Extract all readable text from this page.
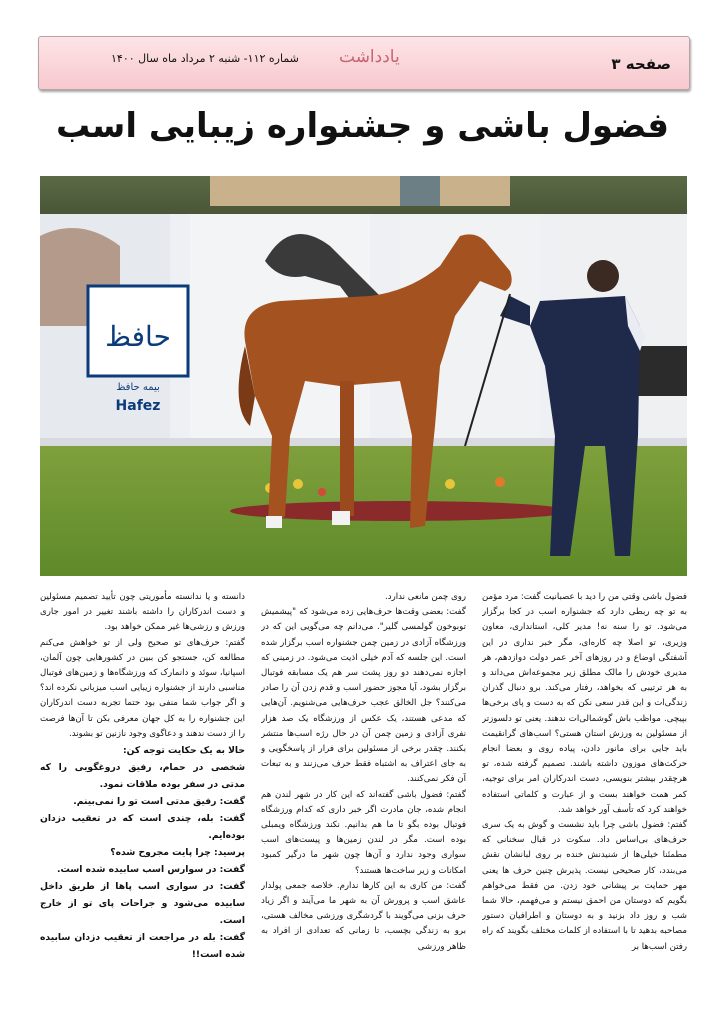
صفحه ۳
یادداشت
شماره ۱۱۲- شنبه ۲ مرداد ماه سال ۱۴۰۰
فضول باشی و جشنواره زیبایی اسب
حافظ
بیمه حافظ
Hafez

فضول باشی وقتی من را دید با عصبانیت گفت: مرد مؤمن به تو چه ربطی دارد که جشنواره اسب در کجا برگزار می‌شود. تو را سنه نه! مدیر کلی، استانداری، معاون وزیری، تو اصلا چه کاره‌ای، مگر خبر نداری در این آشفتگی اوضاع و در روزهای آخر عمر دولت دوازدهم، هر مدیری خودش را مالک مطلق زیر مجموعه‌اش می‌داند و به هر ترتیبی که بخواهد، رفتار می‌کند. برو دنبال گذران زندگی‌ات و این قدر سعی نکن که به دست و پای برخی‌ها بپیچی. مواظب باش گوشمالی‌ات ندهند. یعنی تو دلسوزتر از مسئولین به ورزش استان هستی؟ اسب‌های گرانقیمت باید جایی برای مانور دادن، پیاده روی و بعضا انجام حرکت‌های موزون داشته باشند. تصمیم گرفته شده، تو هرچقدر بیشتر بنویسی، دست اندرکاران امر برای توجیه، کمر همت خواهند بست و از عبارت و کلماتی استفاده خواهند کرد که تأسف آور خواهد شد.

گفتم: فضول باشی چرا باید نشست و گوش به یک سری حرف‌های بی‌اساس داد. سکوت در قبال سخنانی که مطمئنا خیلی‌ها از شنیدنش خنده بر روی لبانشان نقش می‌بندد، کار صحیحی نیست. پذیرش چنین حرف ها یعنی مهر حمایت بر پیشانی خود زدن. من فقط می‌خواهم بگویم که دوستان من احمق نیستم و می‌فهمم، حالا شما شب و روز داد بزنید و به دوستان و اطرافیان دستور مصاحبه بدهید تا با استفاده از کلمات مختلف بگویند که راه رفتن اسب‌ها بر

روی چمن مانعی ندارد.

گفت: بعضی وقت‌ها حرف‌هایی زده می‌شود که "پیشمیش توبوخون گولمسی گلیر". می‌دانم چه می‌گویی این که در ورزشگاه آزادی در زمین چمن جشنواره اسب برگزار شده است. این جلسه که آدم خیلی اذیت می‌شود. در زمینی که اجازه نمی‌دهند دو روز پشت سر هم یک مسابقه فوتبال برگزار بشود، آیا مجوز حضور اسب و قدم زدن آن را صادر می‌کنند؟ جل الخالق عجب حرف‌هایی می‌شنویم. آن‌هایی که مدعی هستند، یک عکس از ورزشگاه یک صد هزار نفری آزادی و زمین چمن آن در حال رژه اسب‌ها منتشر بکنند. چقدر برخی از مسئولین برای فرار از پاسخگویی و به جای اعتراف به اشتباه فقط حرف می‌زنند و به تبعات آن فکر نمی‌کنند.

گفتم: فضول باشی گفته‌اند که این کار در شهر لندن هم انجام شده، جان مادرت اگر خبر داری که کدام ورزشگاه فوتبال بوده بگو تا ما هم بدانیم. نکند ورزشگاه ویمبلی بوده است. مگر در لندن زمین‌ها و پیست‌های اسب سواری وجود ندارد و آن‌ها چون شهر ما درگیر کمبود امکانات و زیر ساخت‌ها هستند؟

گفت: من کاری به این کارها ندارم. خلاصه جمعی پولدار عاشق اسب و پرورش آن به شهر ما می‌آیند و اگر زیاد حرف بزنی می‌گویند با گردشگری ورزشی مخالف هستی، برو به زندگی بچسب، تا زمانی که تعدادی از افراد به ظاهر ورزشی

دانسته و یا ندانسته مأموریتی چون تأیید تصمیم مسئولین و دست اندرکاران را داشته باشند تغییر در امور جاری ورزش و رزشی‌ها غیر ممکن خواهد بود.

گفتم: حرف‌های تو صحیح ولی از تو خواهش می‌کنم مطالعه کن، جستجو کن ببین در کشورهایی چون آلمان، اسپانیا، سوئد و دانمارک که ورزشگاه‌ها و زمین‌های فوتبال مناسبی دارند از جشنواره زیبایی اسب میزبانی نکرده اند؟ و اگر جواب شما منفی بود حتما تجربه دست اندرکاران این جشنواره را به کل جهان معرفی بکن تا آن‌ها فرصت را از دست ندهند و دعاگوی وجود نازنین تو بشوند.

حالا به یک حکایت توجه کن:

شخصی در حمام، رفیق دروغگویی را که مدتی در سفر بوده ملاقات نمود.

گفت: رفیق مدتی است تو را نمی‌بینم.

گفت: بله، چندی است که در تعقیب دزدان بوده‌ایم.

پرسید: چرا پایت مجروح شده؟

گفت: در سوارس اسب سابیده شده است.

گفت: در سواری اسب پاها از طریق داخل سابیده می‌شود و جراحات پای تو از خارج است.

گفت: بله در مراجعت از تعقیب دزدان سابیده شده است!!
